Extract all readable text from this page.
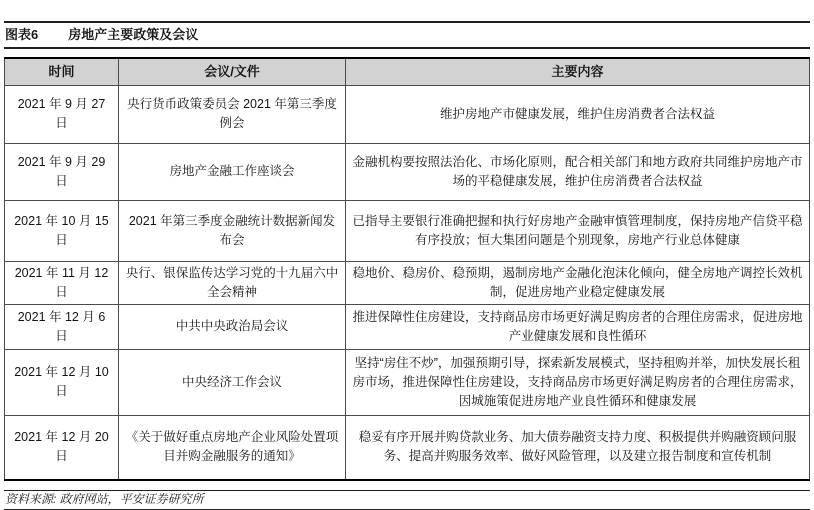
图表6 房地产主要政策及会议
时间	会议/文件	主要内容
2021 年 9 月 27 日	央行货币政策委员会 2021 年第三季度例会	维护房地产市健康发展，维护住房消费者合法权益
2021 年 9 月 29 日	房地产金融工作座谈会	金融机构要按照法治化、市场化原则，配合相关部门和地方政府共同维护房地产市场的平稳健康发展，维护住房消费者合法权益
2021 年 10 月 15 日	2021 年第三季度金融统计数据新闻发布会	已指导主要银行准确把握和执行好房地产金融审慎管理制度，保持房地产信贷平稳有序投放；恒大集团问题是个别现象，房地产行业总体健康
2021 年 11 月 12 日	央行、银保监传达学习党的十九届六中全会精神	稳地价、稳房价、稳预期，遏制房地产金融化泡沫化倾向，健全房地产调控长效机制，促进房地产业稳定健康发展
2021 年 12 月 6 日	中共中央政治局会议	推进保障性住房建设，支持商品房市场更好满足购房者的合理住房需求，促进房地产业健康发展和良性循环
2021 年 12 月 10 日	中央经济工作会议	坚持“房住不炒”，加强预期引导，探索新发展模式，坚持租购并举，加快发展长租房市场，推进保障性住房建设，支持商品房市场更好满足购房者的合理住房需求，因城施策促进房地产业良性循环和健康发展
2021 年 12 月 20 日	《关于做好重点房地产企业风险处置项目并购金融服务的通知》	稳妥有序开展并购贷款业务、加大债券融资支持力度、积极提供并购融资顾问服务、提高并购服务效率、做好风险管理，以及建立报告制度和宣传机制
资料来源: 政府网站，平安证券研究所
